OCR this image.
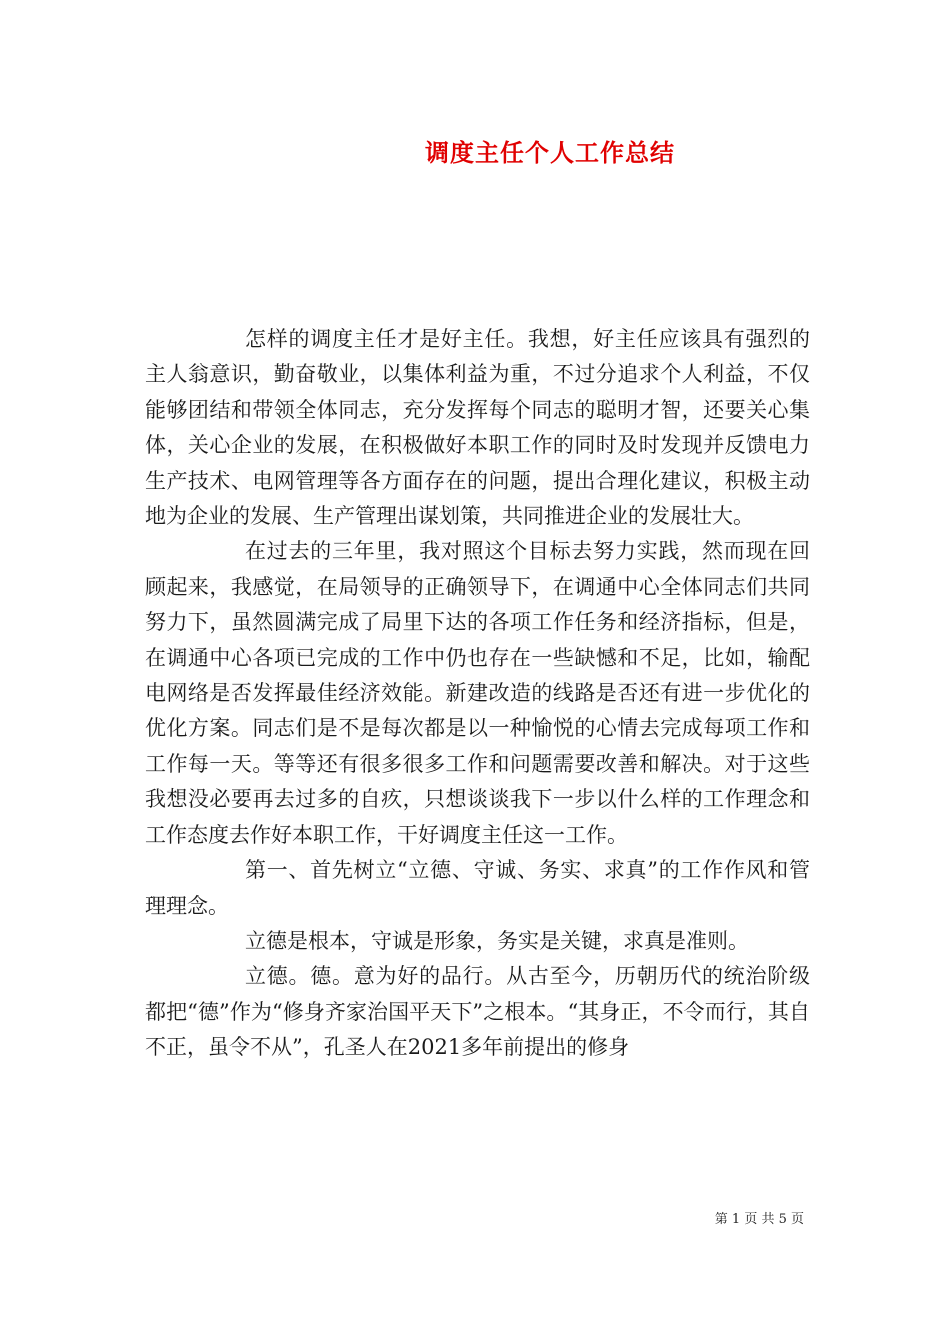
调度主任个人工作总结

怎样的调度主任才是好主任。我想，好主任应该具有强烈的主人翁意识，勤奋敬业，以集体利益为重，不过分追求个人利益，不仅能够团结和带领全体同志，充分发挥每个同志的聪明才智，还要关心集体，关心企业的发展，在积极做好本职工作的同时及时发现并反馈电力生产技术、电网管理等各方面存在的问题，提出合理化建议，积极主动地为企业的发展、生产管理出谋划策，共同推进企业的发展壮大。

在过去的三年里，我对照这个目标去努力实践，然而现在回顾起来，我感觉，在局领导的正确领导下，在调通中心全体同志们共同努力下，虽然圆满完成了局里下达的各项工作任务和经济指标，但是，在调通中心各项已完成的工作中仍也存在一些缺憾和不足，比如，输配电网络是否发挥最佳经济效能。新建改造的线路是否还有进一步优化的优化方案。同志们是不是每次都是以一种愉悦的心情去完成每项工作和工作每一天。等等还有很多很多工作和问题需要改善和解决。对于这些我想没必要再去过多的自疚，只想谈谈我下一步以什么样的工作理念和工作态度去作好本职工作，干好调度主任这一工作。

第一、首先树立“立德、守诚、务实、求真”的工作作风和管理理念。

立德是根本，守诚是形象，务实是关键，求真是准则。

立德。德。意为好的品行。从古至今，历朝历代的统治阶级都把“德”作为“修身齐家治国平天下”之根本。“其身正，不令而行，其自不正，虽令不从”，孔圣人在2021多年前提出的修身

第 1 页 共 5 页
